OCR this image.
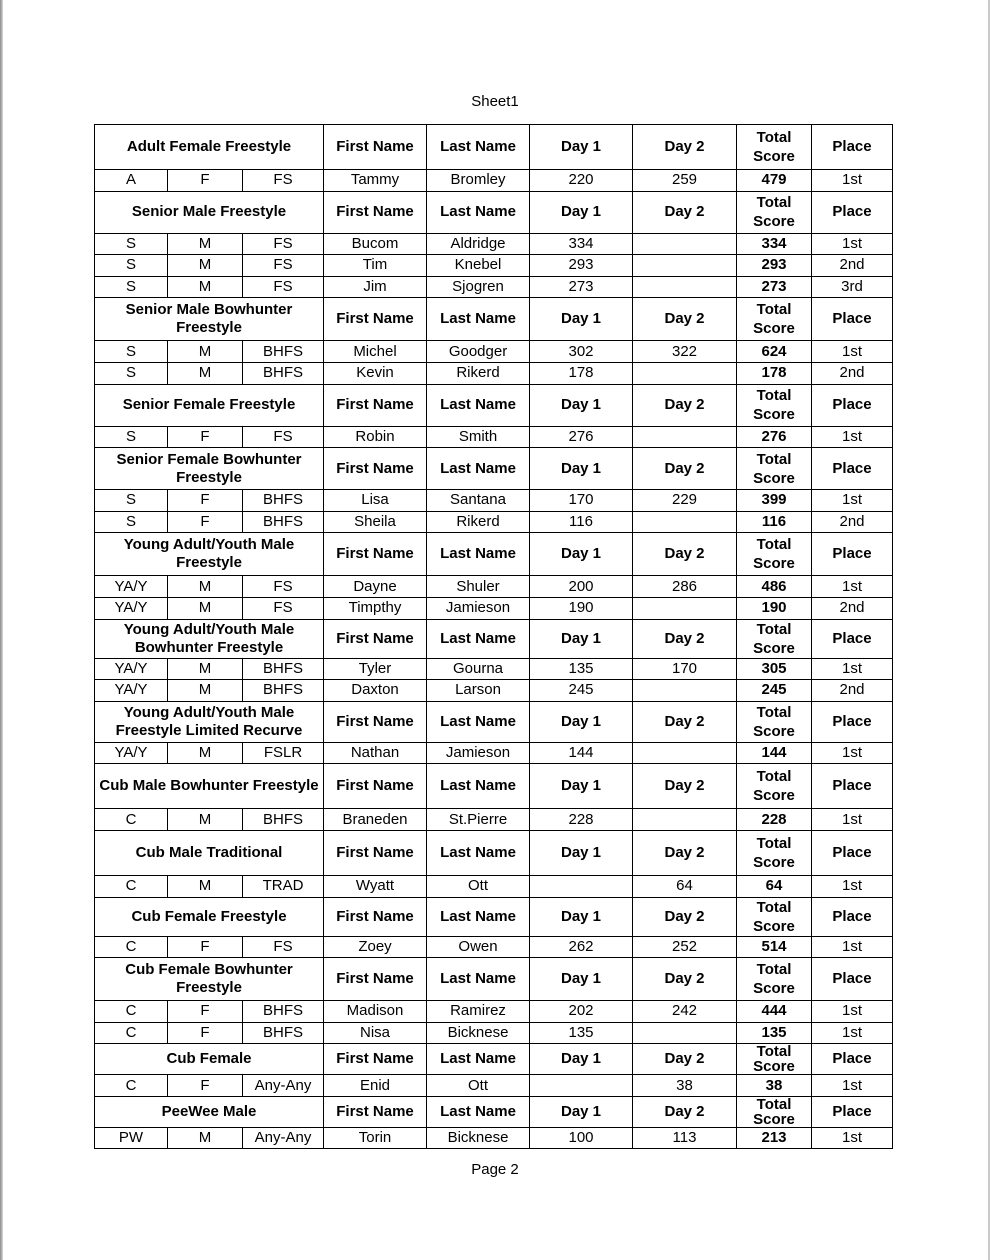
Sheet1
Adult Female Freestyle			First Name	Last Name	Day 1	Day 2	Total Score	Place
A	F	FS	Tammy	Bromley	220	259	479	1st
Senior Male Freestyle			First Name	Last Name	Day 1	Day 2	Total Score	Place
S	M	FS	Bucom	Aldridge	334		334	1st
S	M	FS	Tim	Knebel	293		293	2nd
S	M	FS	Jim	Sjogren	273		273	3rd
Senior Male Bowhunter Freestyle			First Name	Last Name	Day 1	Day 2	Total Score	Place
S	M	BHFS	Michel	Goodger	302	322	624	1st
S	M	BHFS	Kevin	Rikerd	178		178	2nd
Senior Female Freestyle			First Name	Last Name	Day 1	Day 2	Total Score	Place
S	F	FS	Robin	Smith	276		276	1st
Senior Female Bowhunter Freestyle			First Name	Last Name	Day 1	Day 2	Total Score	Place
S	F	BHFS	Lisa	Santana	170	229	399	1st
S	F	BHFS	Sheila	Rikerd	116		116	2nd
Young Adult/Youth Male Freestyle			First Name	Last Name	Day 1	Day 2	Total Score	Place
YA/Y	M	FS	Dayne	Shuler	200	286	486	1st
YA/Y	M	FS	Timpthy	Jamieson	190		190	2nd
Young Adult/Youth Male Bowhunter Freestyle			First Name	Last Name	Day 1	Day 2	Total Score	Place
YA/Y	M	BHFS	Tyler	Gourna	135	170	305	1st
YA/Y	M	BHFS	Daxton	Larson	245		245	2nd
Young Adult/Youth Male Freestyle Limited Recurve			First Name	Last Name	Day 1	Day 2	Total Score	Place
YA/Y	M	FSLR	Nathan	Jamieson	144		144	1st
Cub Male Bowhunter Freestyle			First Name	Last Name	Day 1	Day 2	Total Score	Place
C	M	BHFS	Braneden	St.Pierre	228		228	1st
Cub Male Traditional			First Name	Last Name	Day 1	Day 2	Total Score	Place
C	M	TRAD	Wyatt	Ott		64	64	1st
Cub Female Freestyle			First Name	Last Name	Day 1	Day 2	Total Score	Place
C	F	FS	Zoey	Owen	262	252	514	1st
Cub Female Bowhunter Freestyle			First Name	Last Name	Day 1	Day 2	Total Score	Place
C	F	BHFS	Madison	Ramirez	202	242	444	1st
C	F	BHFS	Nisa	Bicknese	135		135	1st
Cub Female			First Name	Last Name	Day 1	Day 2	Total Score	Place
C	F	Any-Any	Enid	Ott		38	38	1st
PeeWee Male			First Name	Last Name	Day 1	Day 2	Total Score	Place
PW	M	Any-Any	Torin	Bicknese	100	113	213	1st
Page 2
